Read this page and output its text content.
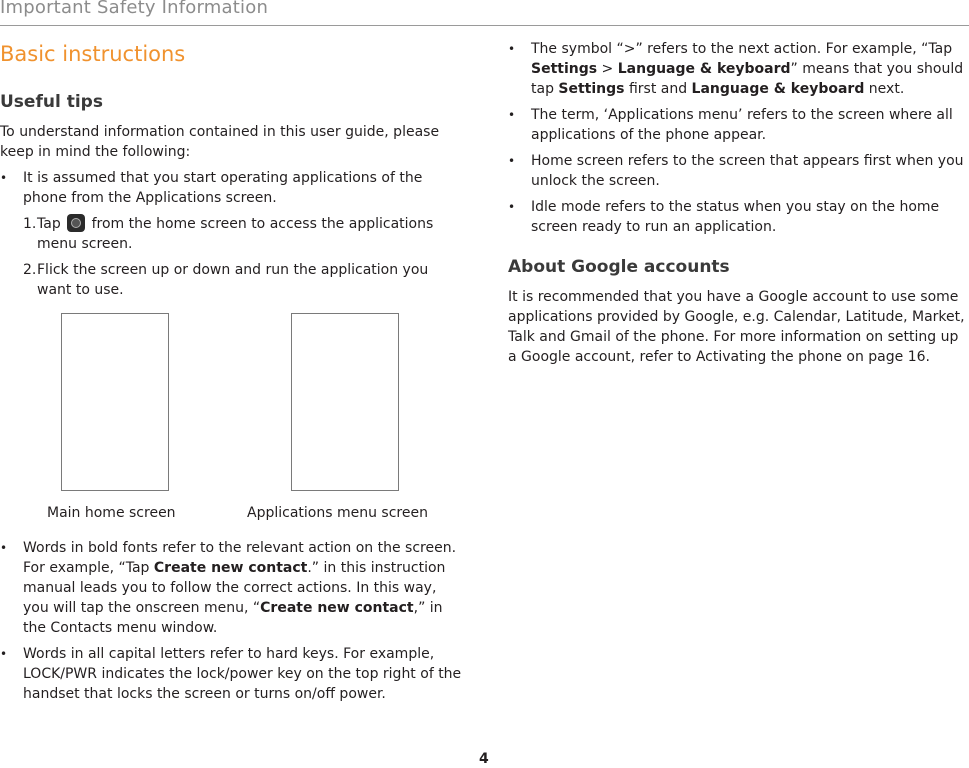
Important Safety Information
Basic instructions
Useful tips

To understand information contained in this user guide, please keep in mind the following:

• It is assumed that you start operating applications of the phone from the Applications screen.
1. Tap from the home screen to access the applications menu screen.
2. Flick the screen up or down and run the application you want to use.
Main home screen	Applications menu screen
• Words in bold fonts refer to the relevant action on the screen. For example, “Tap Create new contact.” in this instruction manual leads you to follow the correct actions. In this way, you will tap the onscreen menu, “Create new contact,” in the Contacts menu window.
• Words in all capital letters refer to hard keys. For example, LOCK/PWR indicates the lock/power key on the top right of the handset that locks the screen or turns on/off power.
• The symbol “>” refers to the next action. For example, “Tap Settings > Language & keyboard” means that you should tap Settings first and Language & keyboard next.
• The term, ‘Applications menu’ refers to the screen where all applications of the phone appear.
• Home screen refers to the screen that appears first when you unlock the screen.
• Idle mode refers to the status when you stay on the home screen ready to run an application.
About Google accounts

It is recommended that you have a Google account to use some applications provided by Google, e.g. Calendar, Latitude, Market, Talk and Gmail of the phone. For more information on setting up a Google account, refer to Activating the phone on page 16.

4
